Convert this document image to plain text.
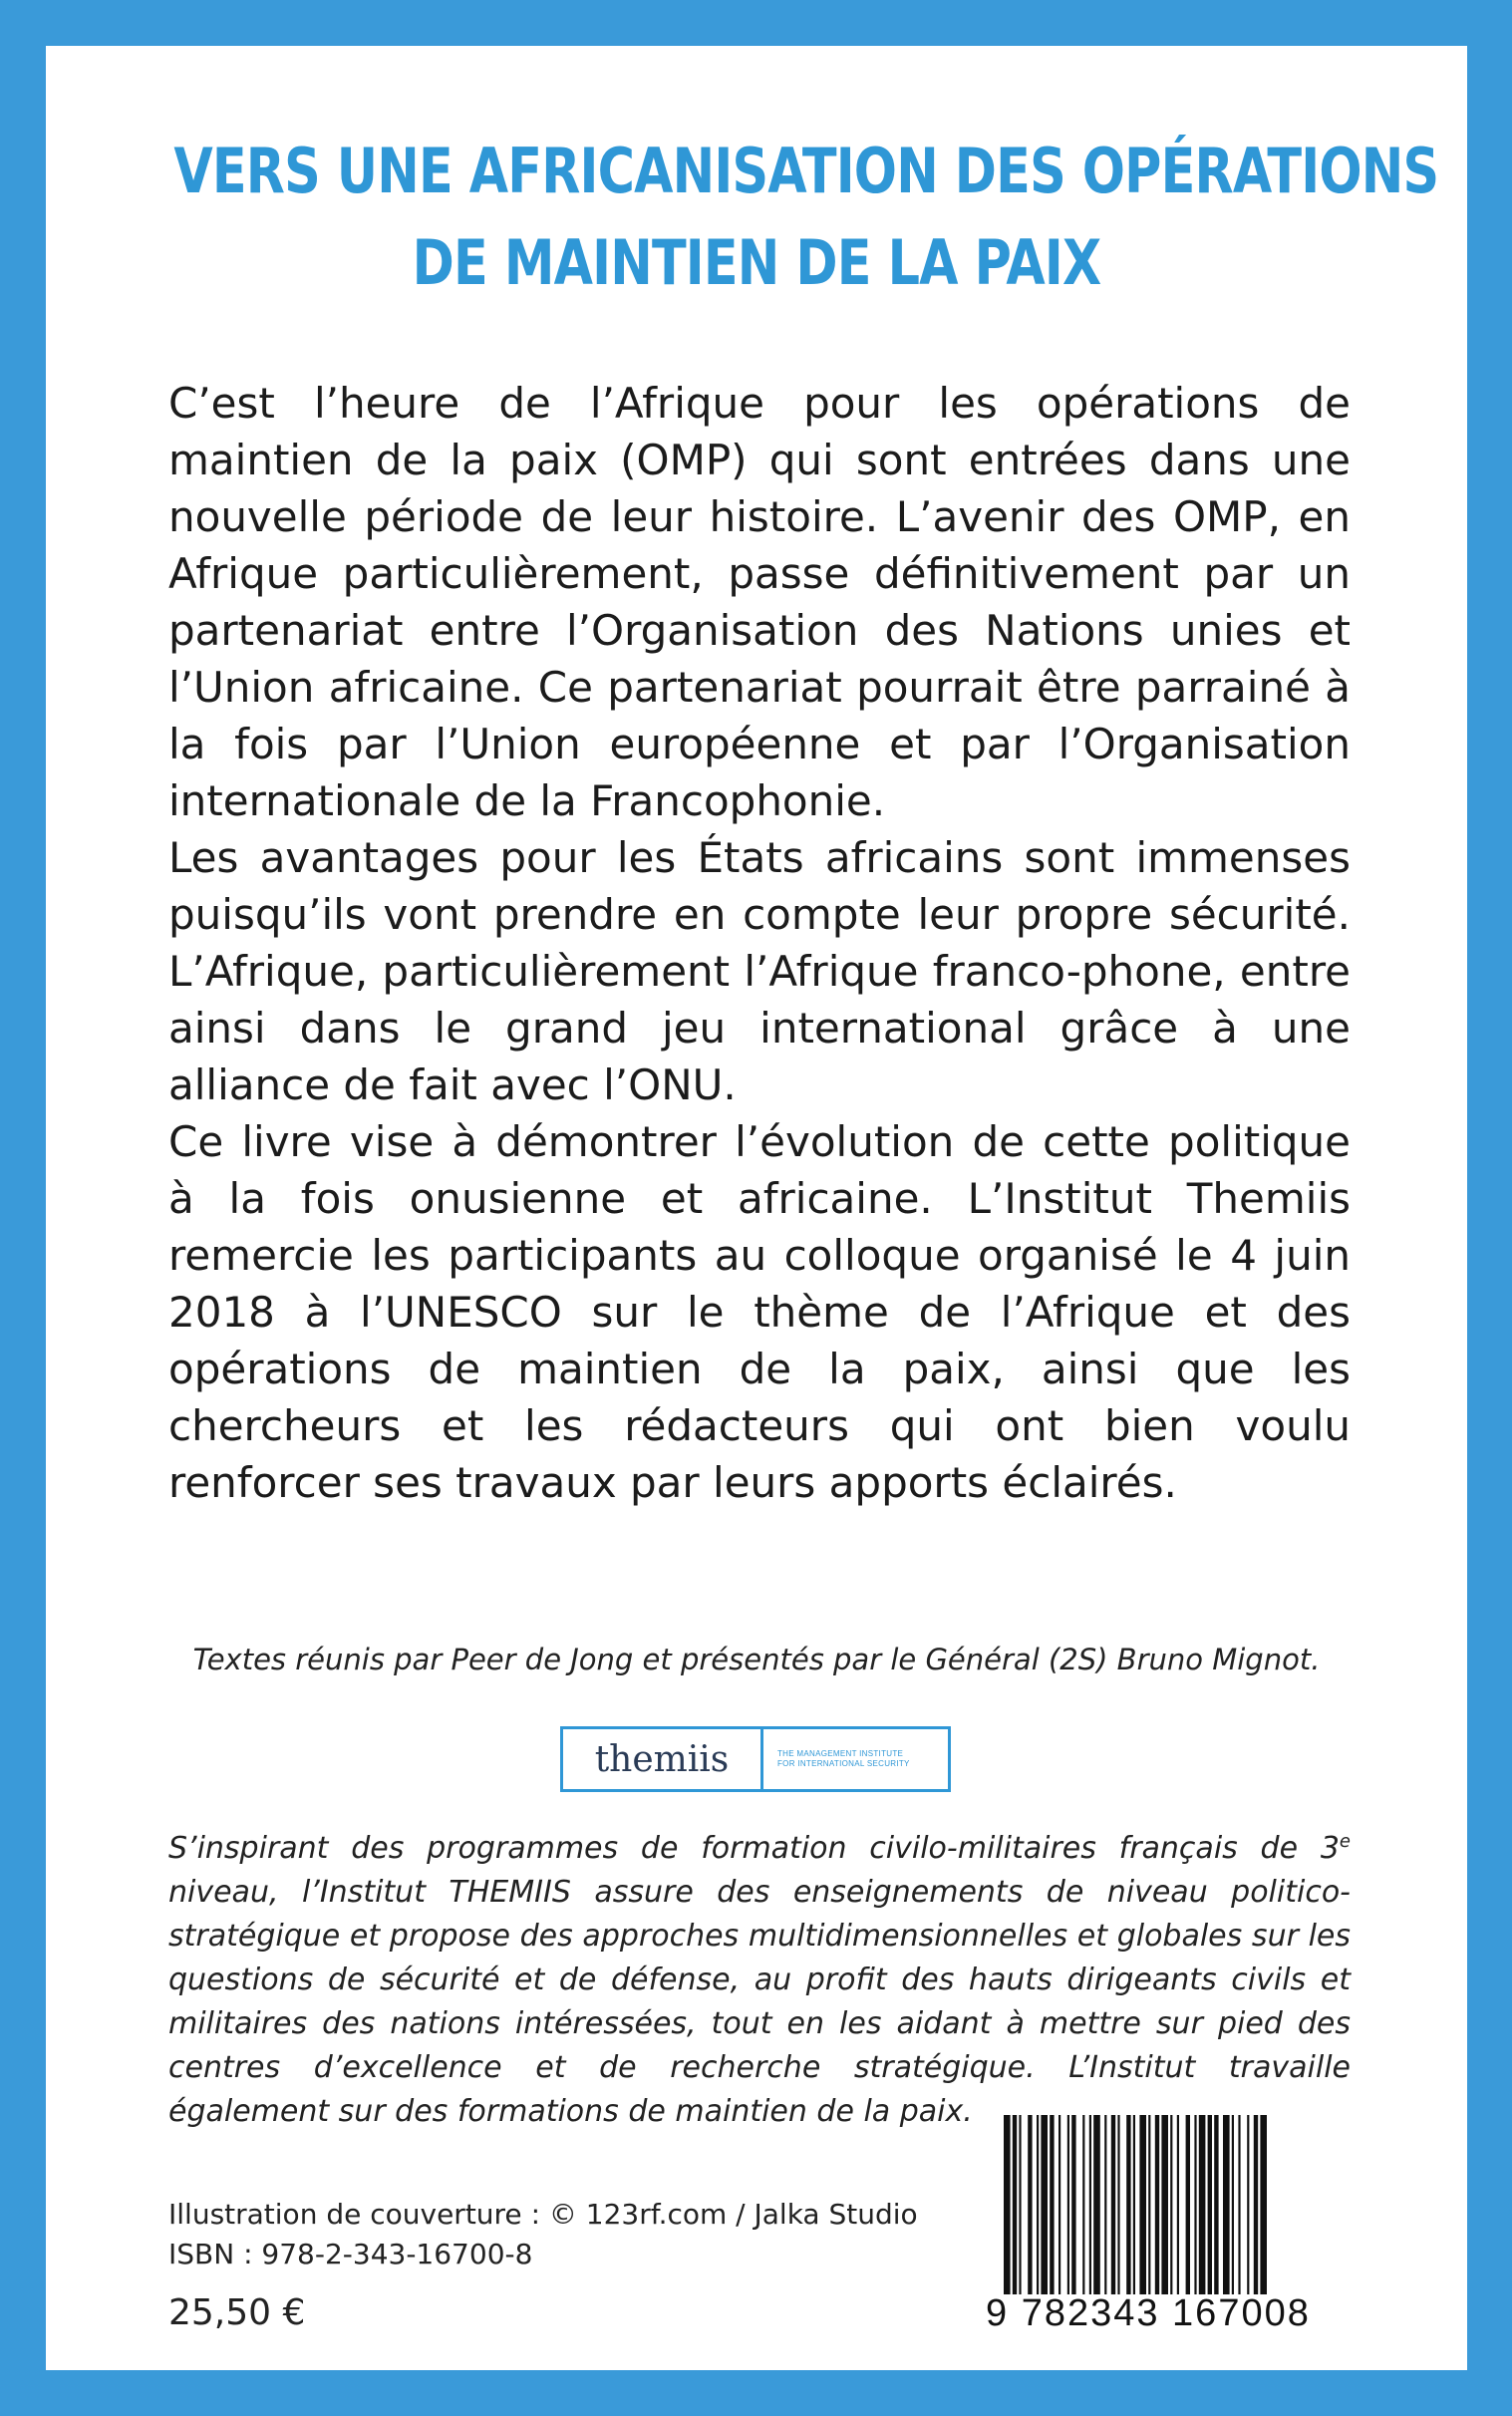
VERS UNE AFRICANISATION DES OPÉRATIONS
DE MAINTIEN DE LA PAIX

C’est l’heure de l’Afrique pour les opérations de maintien de la paix (OMP) qui sont entrées dans une nouvelle période de leur histoire. L’avenir des OMP, en Afrique particulièrement, passe définitivement par un partenariat entre l’Organisation des Nations unies et l’Union africaine. Ce partenariat pourrait être parrainé à la fois par l’Union européenne et par l’Organisation internationale de la Francophonie.

Les avantages pour les États africains sont immenses puisqu’ils vont prendre en compte leur propre sécurité. L’Afrique, particulièrement l’Afrique franco-phone, entre ainsi dans le grand jeu international grâce à une alliance de fait avec l’ONU.

Ce livre vise à démontrer l’évolution de cette politique à la fois onusienne et africaine. L’Institut Themiis remercie les participants au colloque organisé le 4 juin 2018 à l’UNESCO sur le thème de l’Afrique et des opérations de maintien de la paix, ainsi que les chercheurs et les rédacteurs qui ont bien voulu renforcer ses travaux par leurs apports éclairés.

Textes réunis par Peer de Jong et présentés par le Général (2S) Bruno Mignot.
themiis	THE MANAGEMENT INSTITUTE
FOR INTERNATIONAL SECURITY
S’inspirant des programmes de formation civilo-militaires français de 3e niveau, l’Institut THEMIIS assure des enseignements de niveau politico-stratégique et propose des approches multidimensionnelles et globales sur les questions de sécurité et de défense, au profit des hauts dirigeants civils et militaires des nations intéressées, tout en les aidant à mettre sur pied des centres d’excellence et de recherche stratégique. L’Institut travaille également sur des formations de maintien de la paix.
9 782343 167008
Illustration de couverture : © 123rf.com / Jalka Studio
ISBN : 978-2-343-16700-8
25,50 €
